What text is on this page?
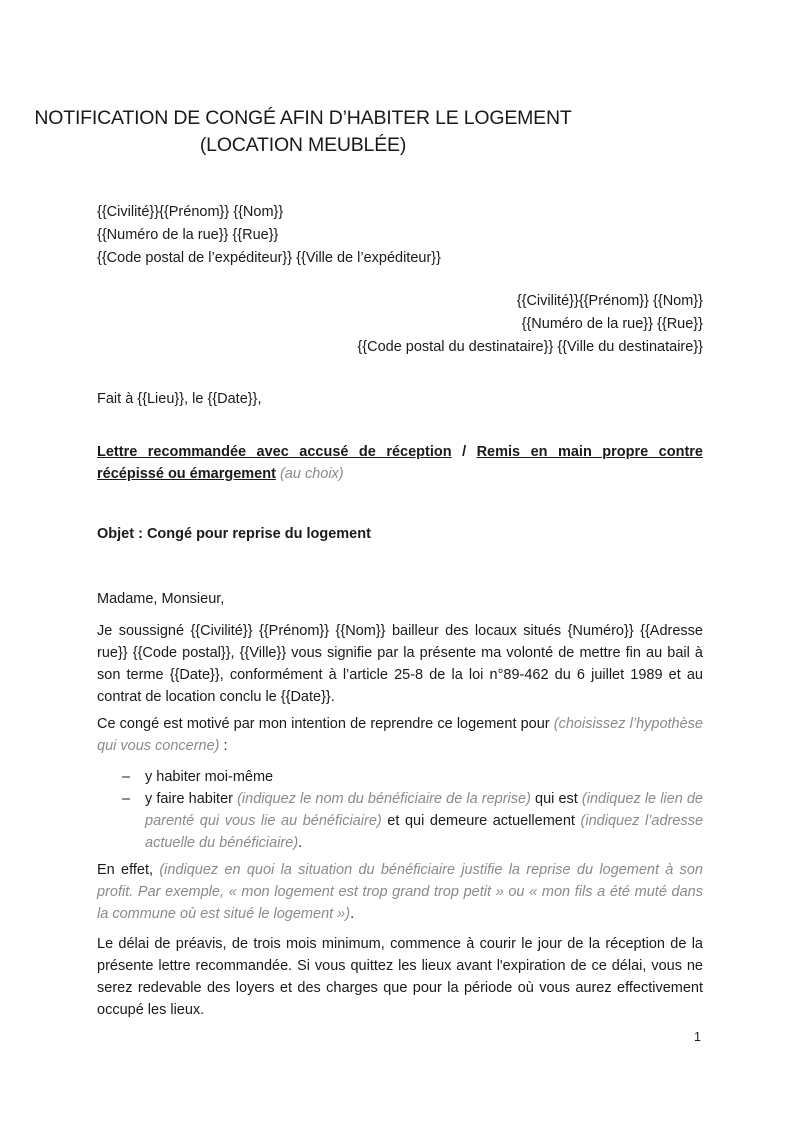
NOTIFICATION DE CONGÉ AFIN D’HABITER LE LOGEMENT
(LOCATION MEUBLÉE)
{{Civilité}}{{Prénom}} {{Nom}}
{{Numéro de la rue}} {{Rue}}
{{Code postal de l’expéditeur}} {{Ville de l’expéditeur}}
{{Civilité}}{{Prénom}} {{Nom}}
{{Numéro de la rue}} {{Rue}}
{{Code postal du destinataire}} {{Ville du destinataire}}
Fait à {{Lieu}}, le {{Date}},
Lettre recommandée avec accusé de réception / Remis en main propre contre récépissé ou émargement (au choix)
Objet : Congé pour reprise du logement
Madame, Monsieur,
Je soussigné {{Civilité}} {{Prénom}} {{Nom}} bailleur des locaux situés {Numéro}} {{Adresse rue}} {{Code postal}}, {{Ville}} vous signifie par la présente ma volonté de mettre fin au bail à son terme {{Date}}, conformément à l’article 25-8 de la loi n°89-462 du 6 juillet 1989 et au contrat de location conclu le {{Date}}.
Ce congé est motivé par mon intention de reprendre ce logement pour (choisissez l’hypothèse qui vous concerne) :
– y habiter moi-même
– y faire habiter (indiquez le nom du bénéficiaire de la reprise) qui est (indiquez le lien de parenté qui vous lie au bénéficiaire) et qui demeure actuellement (indiquez l’adresse actuelle du bénéficiaire).
En effet, (indiquez en quoi la situation du bénéficiaire justifie la reprise du logement à son profit. Par exemple, « mon logement est trop grand trop petit » ou « mon fils a été muté dans la commune où est situé le logement »).
Le délai de préavis, de trois mois minimum, commence à courir le jour de la réception de la présente lettre recommandée. Si vous quittez les lieux avant l'expiration de ce délai, vous ne serez redevable des loyers et des charges que pour la période où vous aurez effectivement occupé les lieux.
1
